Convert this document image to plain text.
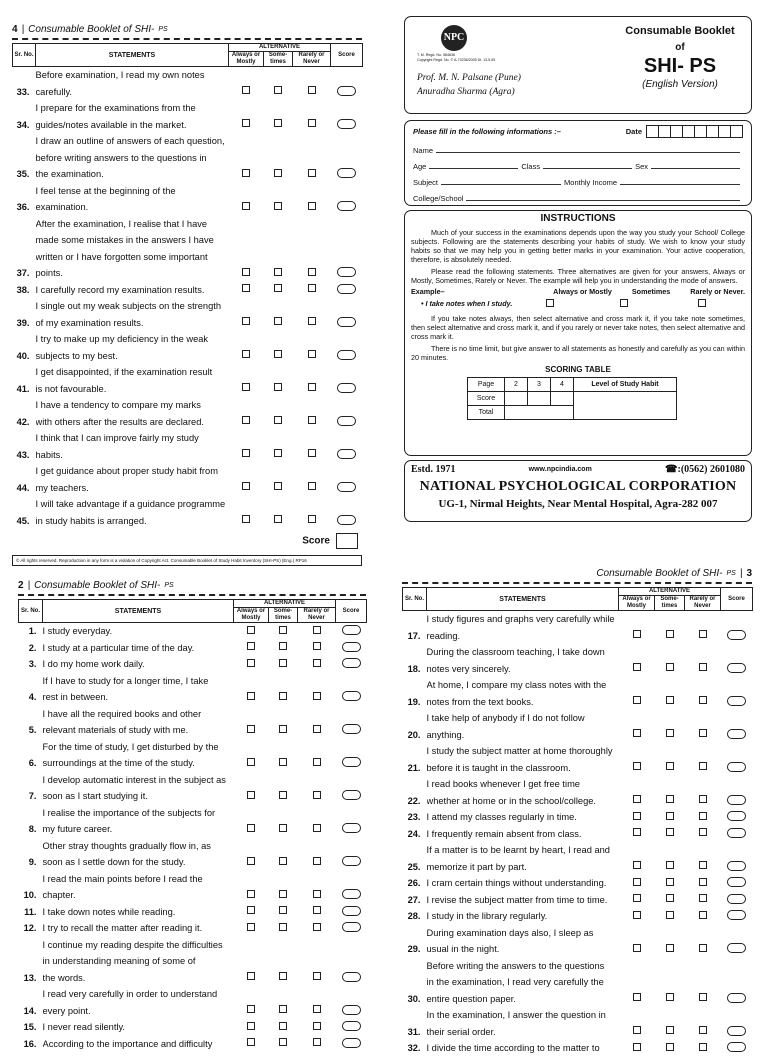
4 | Consumable Booklet of SHI- PS
Sr. No.	STATEMENTS	ALTERNATIVE			Score
		Always or Mostly	Some- times	Rarely or Never	
33.	Before examination, I read my own notes
carefully.				

34.	I prepare for the examinations from the
guides/notes available in the market.				

35.	I draw an outline of answers of each question,
before writing answers to the questions in
the examination.				

36.	I feel tense at the beginning of the examination.				

37.	After the examination, I realise that I have
made some mistakes in the answers I have
written or I have forgotten some important points.				

38.	I carefully record my examination results.				

39.	I single out my weak subjects on the strength
of my examination results.				

40.	I try to make up my deficiency in the weak
subjects to my best.				

41.	I get disappointed, if the examination result
is not favourable.				

42.	I have a tendency to compare my marks
with others after the results are declared.				

43.	I think that I can improve fairly my study habits.				

44.	I get guidance about proper study habit from
my teachers.				

45.	I will take advantage if a guidance programme
in study habits is arranged.				

Score
© All rights reserved. Reproduction in any form is a violation of Copyright Act. Consumable Booklet of Study Habit Inventory (SHI-PS) (Eng.) RP16
NPC
T. M. Regd. No. 584636
Copyright Regd. No. © A-73236/2005 Dt. 13.5.05
Prof. M. N. Palsane (Pune)
Anuradha Sharma (Agra)
Consumable Booklet
of
SHI- PS
(English Version)
Please fill in the following informations :–	Date
Name
Age	Class	Sex
Subject	Monthly Income
College/School
INSTRUCTIONS

Much of your success in the examinations depends upon the way you study your School/ College subjects. Following are the statements describing your habits of study. We wish to know your study habits so that we may help you in getting better marks in your examination. Your active cooperation, therefore, is absolutely needed.

Please read the following statements. Three alternatives are given for your answers, Always or Mostly, Sometimes, Rarely or Never. The example will help you in understanding the mode of answers.

Example–	Always or Mostly	Sometimes	Rarely or Never.
• I take notes when I study.

If you take notes always, then select alternative and cross mark it, if you take note sometimes, then select alternative and cross mark it, and if you rarely or never take notes, then select alternative and cross mark it.

There is no time limit, but give answer to all statements as honestly and carefully as you can within 20 minutes.

SCORING TABLE
Page	2	3	4	Level of Study Habit
Score				
Total				
Estd. 1971	www.npcindia.com	☎:(0562) 2601080
NATIONAL PSYCHOLOGICAL CORPORATION
UG-1, Nirmal Heights, Near Mental Hospital, Agra-282 007
2 | Consumable Booklet of SHI- PS
Sr. No.	STATEMENTS	ALTERNATIVE			Score
		Always or Mostly	Some- times	Rarely or Never	
1.	I study everyday.				

2.	I study at a particular time of the day.				

3.	I do my home work daily.				

4.	If I have to study for a longer time, I take
rest in between.				

5.	I have all the required books and other
relevant materials of study with me.				

6.	For the time of study, I get disturbed by the
surroundings at the time of the study.				

7.	I develop automatic interest in the subject as
soon as I start studying it.				

8.	I realise the importance of the subjects for
my future career.				

9.	Other stray thoughts gradually flow in, as
soon as I settle down for the study.				

10.	I read the main points before I read the chapter.				

11.	I take down notes while reading.				

12.	I try to recall the matter after reading it.				

13.	I continue my reading despite the difficulties
in understanding meaning of some of
the words.				

14.	I read very carefully in order to understand
every point.				

15.	I never read silently.				

16.	According to the importance and difficulty				

Consumable Booklet of SHI- PS | 3
Sr. No.	STATEMENTS	ALTERNATIVE			Score
		Always or Mostly	Some- times	Rarely or Never	
17.	I study figures and graphs very carefully while
reading.				

18.	During the classroom teaching, I take down
notes very sincerely.				

19.	At home, I compare my class notes with the
notes from the text books.				

20.	I take help of anybody if I do not follow
anything.				

21.	I study the subject matter at home thoroughly
before it is taught in the classroom.				

22.	I read books whenever I get free time
whether at home or in the school/college.				

23.	I attend my classes regularly in time.				

24.	I frequently remain absent from class.				

25.	If a matter is to be learnt by heart, I read and
memorize it part by part.				

26.	I cram certain things without understanding.				

27.	I revise the subject matter from time to time.				

28.	I study in the library regularly.				

29.	During examination days also, I sleep as
usual in the night.				

30.	Before writing the answers to the questions
in the examination, I read very carefully the
entire question paper.				

31.	In the examination, I answer the question in
their serial order.				

32.	I divide the time according to the matter to				
